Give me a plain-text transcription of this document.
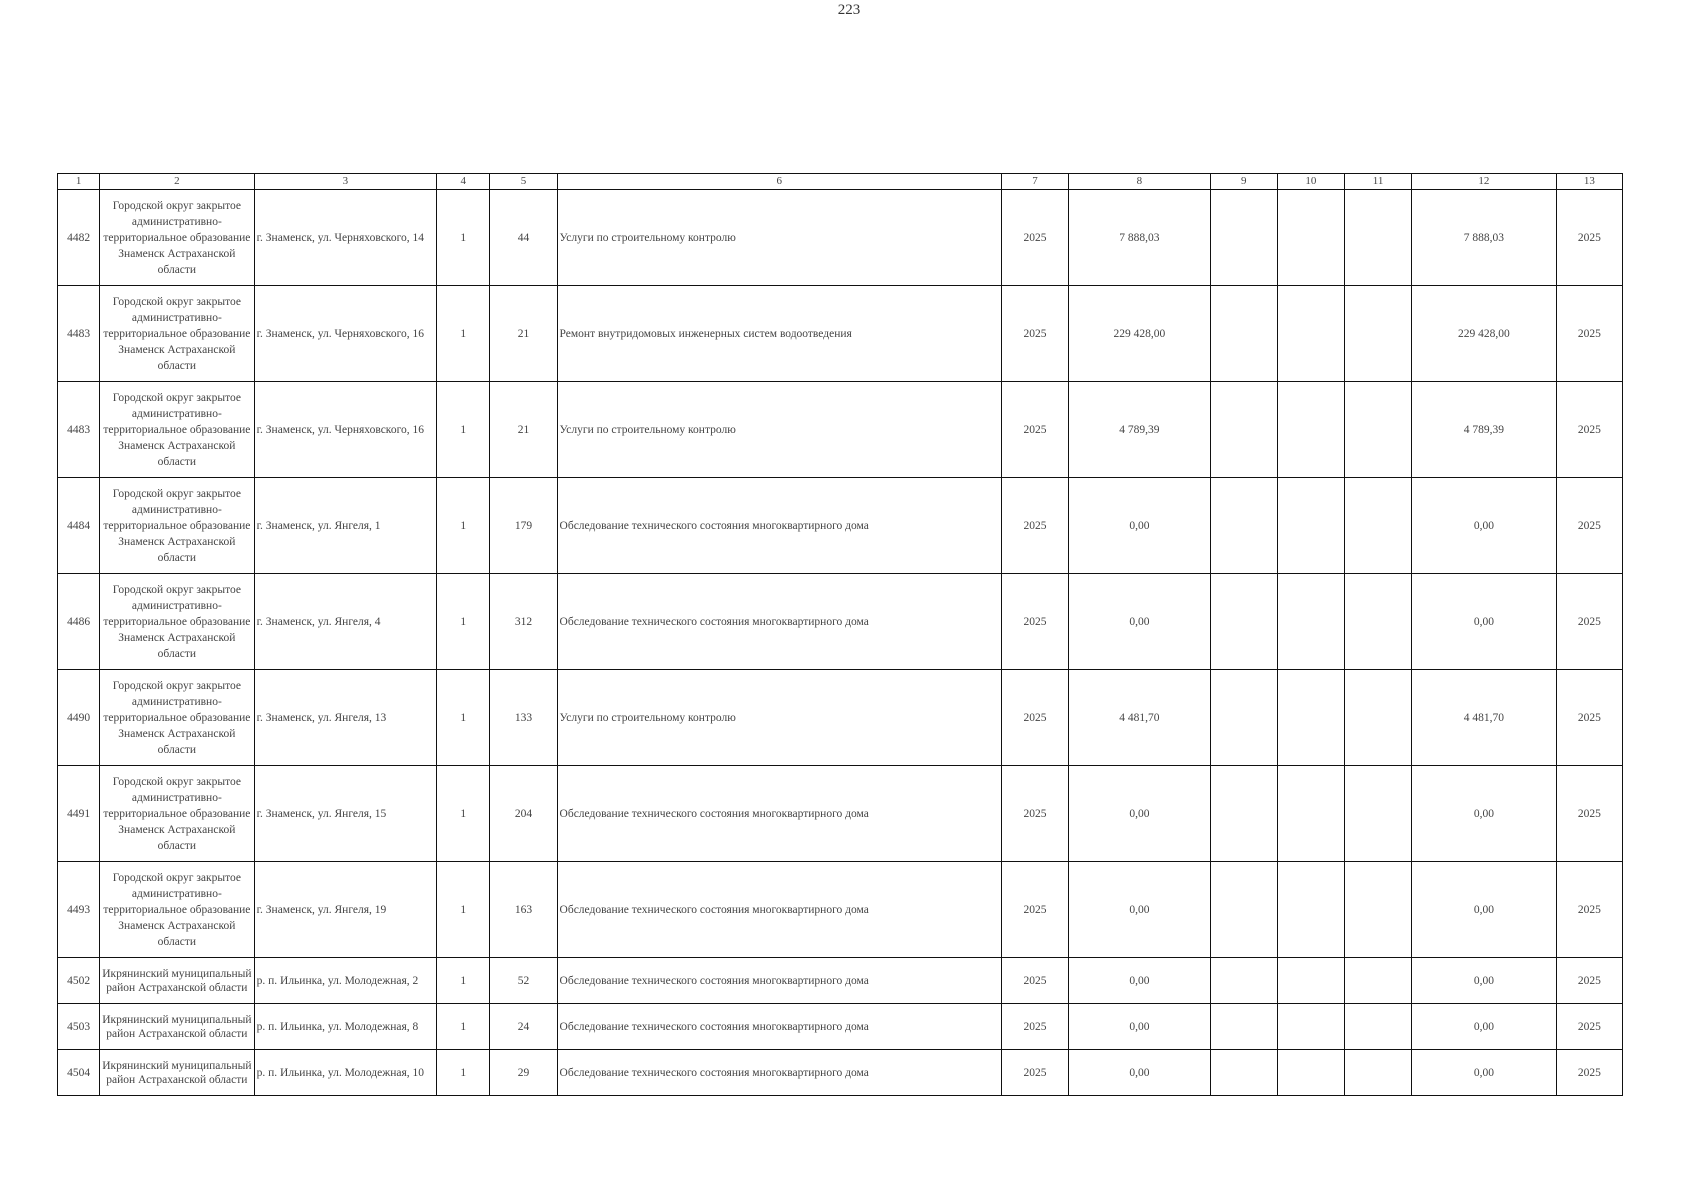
223
1	2	3	4	5	6	7	8	9	10	11	12	13
4482	Городской округ закрытое административно-территориальное образование Знаменск Астраханской области	г. Знаменск, ул. Черняховского, 14	1	44	Услуги по строительному контролю	2025	7 888,03				7 888,03	2025
4483	Городской округ закрытое административно-территориальное образование Знаменск Астраханской области	г. Знаменск, ул. Черняховского, 16	1	21	Ремонт внутридомовых инженерных систем водоотведения	2025	229 428,00				229 428,00	2025
4483	Городской округ закрытое административно-территориальное образование Знаменск Астраханской области	г. Знаменск, ул. Черняховского, 16	1	21	Услуги по строительному контролю	2025	4 789,39				4 789,39	2025
4484	Городской округ закрытое административно-территориальное образование Знаменск Астраханской области	г. Знаменск, ул. Янгеля, 1	1	179	Обследование технического состояния многоквартирного дома	2025	0,00				0,00	2025
4486	Городской округ закрытое административно-территориальное образование Знаменск Астраханской области	г. Знаменск, ул. Янгеля, 4	1	312	Обследование технического состояния многоквартирного дома	2025	0,00				0,00	2025
4490	Городской округ закрытое административно-территориальное образование Знаменск Астраханской области	г. Знаменск, ул. Янгеля, 13	1	133	Услуги по строительному контролю	2025	4 481,70				4 481,70	2025
4491	Городской округ закрытое административно-территориальное образование Знаменск Астраханской области	г. Знаменск, ул. Янгеля, 15	1	204	Обследование технического состояния многоквартирного дома	2025	0,00				0,00	2025
4493	Городской округ закрытое административно-территориальное образование Знаменск Астраханской области	г. Знаменск, ул. Янгеля, 19	1	163	Обследование технического состояния многоквартирного дома	2025	0,00				0,00	2025
4502	Икрянинский муниципальный район Астраханской области	р. п. Ильинка, ул. Молодежная, 2	1	52	Обследование технического состояния многоквартирного дома	2025	0,00				0,00	2025
4503	Икрянинский муниципальный район Астраханской области	р. п. Ильинка, ул. Молодежная, 8	1	24	Обследование технического состояния многоквартирного дома	2025	0,00				0,00	2025
4504	Икрянинский муниципальный район Астраханской области	р. п. Ильинка, ул. Молодежная, 10	1	29	Обследование технического состояния многоквартирного дома	2025	0,00				0,00	2025
